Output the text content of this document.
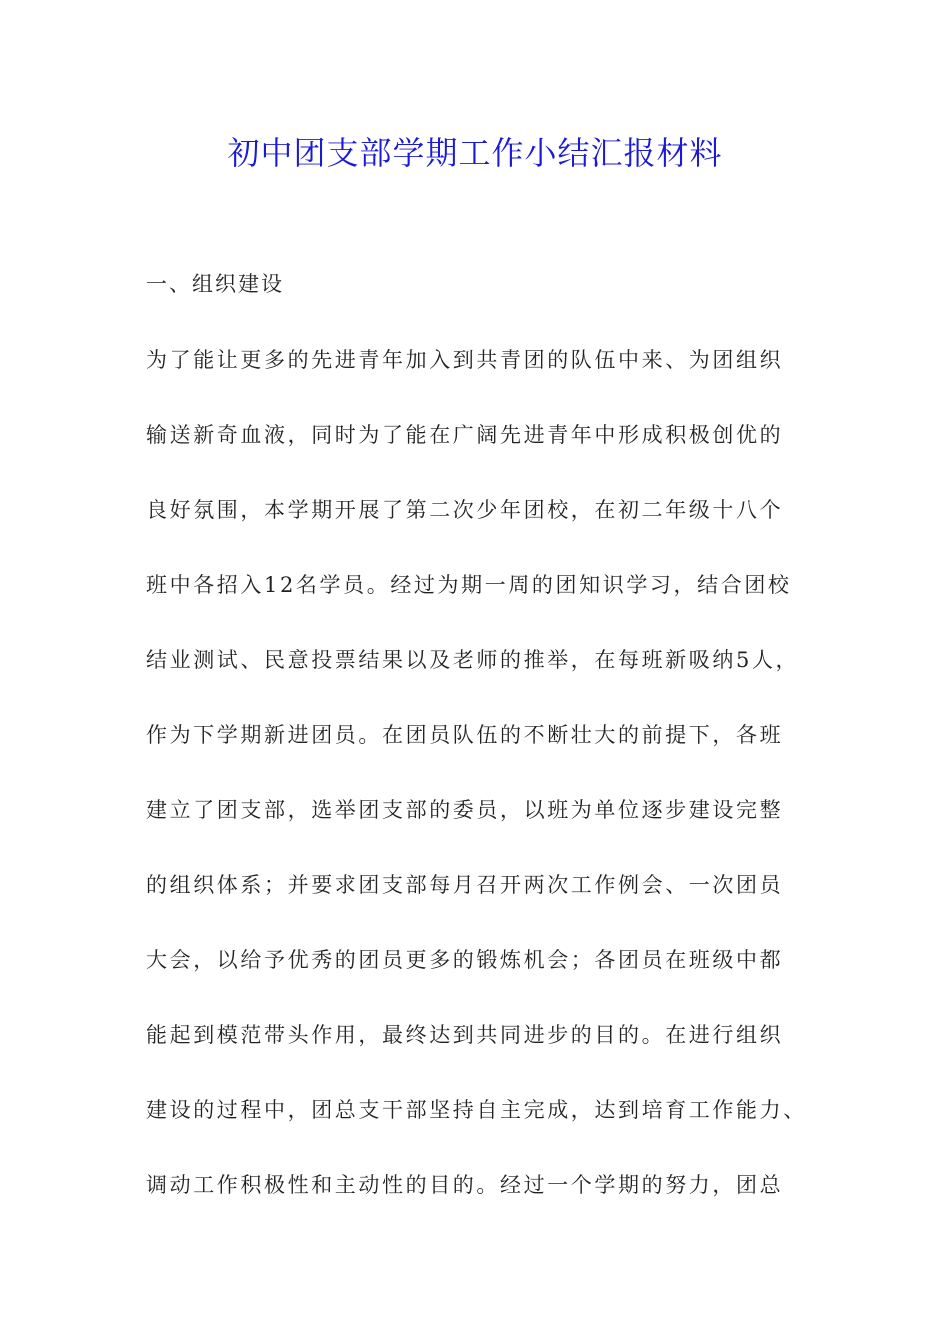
初中团支部学期工作小结汇报材料
一、组织建设
为了能让更多的先进青年加入到共青团的队伍中来、为团组织
输送新奇血液，同时为了能在广阔先进青年中形成积极创优的
良好氛围，本学期开展了第二次少年团校，在初二年级十八个
班中各招入12名学员。经过为期一周的团知识学习，结合团校
结业测试、民意投票结果以及老师的推举，在每班新吸纳5人，
作为下学期新进团员。在团员队伍的不断壮大的前提下，各班
建立了团支部，选举团支部的委员，以班为单位逐步建设完整
的组织体系；并要求团支部每月召开两次工作例会、一次团员
大会，以给予优秀的团员更多的锻炼机会；各团员在班级中都
能起到模范带头作用，最终达到共同进步的目的。在进行组织
建设的过程中，团总支干部坚持自主完成，达到培育工作能力、
调动工作积极性和主动性的目的。经过一个学期的努力，团总
